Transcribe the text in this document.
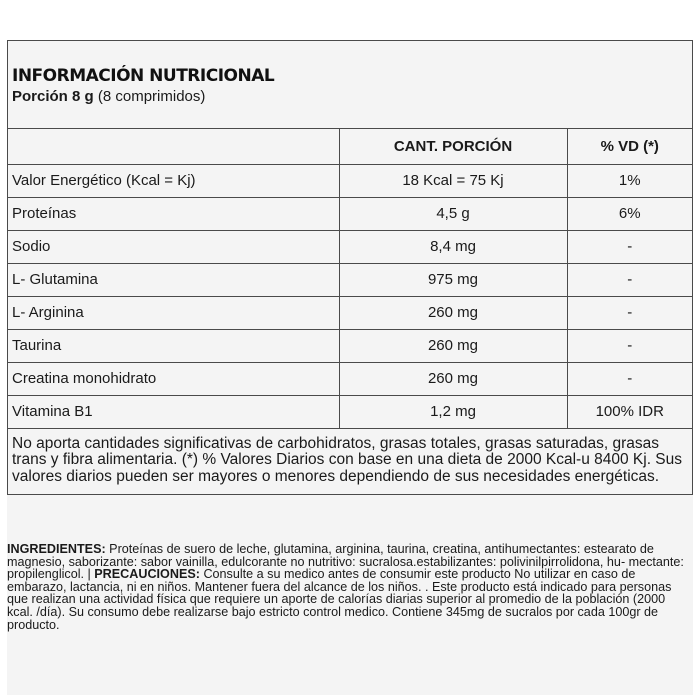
INFORMACIÓN NUTRICIONAL
Porción 8 g (8 comprimidos)
	CANT. PORCIÓN	% VD (*)
Valor Energético (Kcal = Kj)	18 Kcal = 75 Kj	1%
Proteínas	4,5 g	6%
Sodio	8,4 mg	-
L- Glutamina	975 mg	-
L- Arginina	260 mg	-
Taurina	260 mg	-
Creatina monohidrato	260 mg	-
Vitamina B1	1,2 mg	100% IDR
No aporta cantidades significativas de carbohidratos, grasas totales, grasas saturadas, grasas trans y fibra alimentaria. (*) % Valores Diarios con base en una dieta de 2000 Kcal-u 8400 Kj. Sus valores diarios pueden ser mayores o menores dependiendo de sus necesidades energéticas.
INGREDIENTES: Proteínas de suero de leche, glutamina, arginina, taurina, creatina, antihumectantes: estearato de magnesio, saborizante: sabor vainilla, edulcorante no nutritivo: sucralosa.estabilizantes: polivinilpirrolidona, hu- mectante: propilenglicol. | PRECAUCIONES: Consulte a su medico antes de consumir este producto No utilizar en caso de embarazo, lactancia, ni en niños. Mantener fuera del alcance de los niños. . Este producto está indicado para personas que realizan una actividad física que requiere un aporte de calorías diarias superior al promedio de la población (2000 kcal. /día). Su consumo debe realizarse bajo estricto control medico. Contiene 345mg de sucralos por cada 100gr de producto.
